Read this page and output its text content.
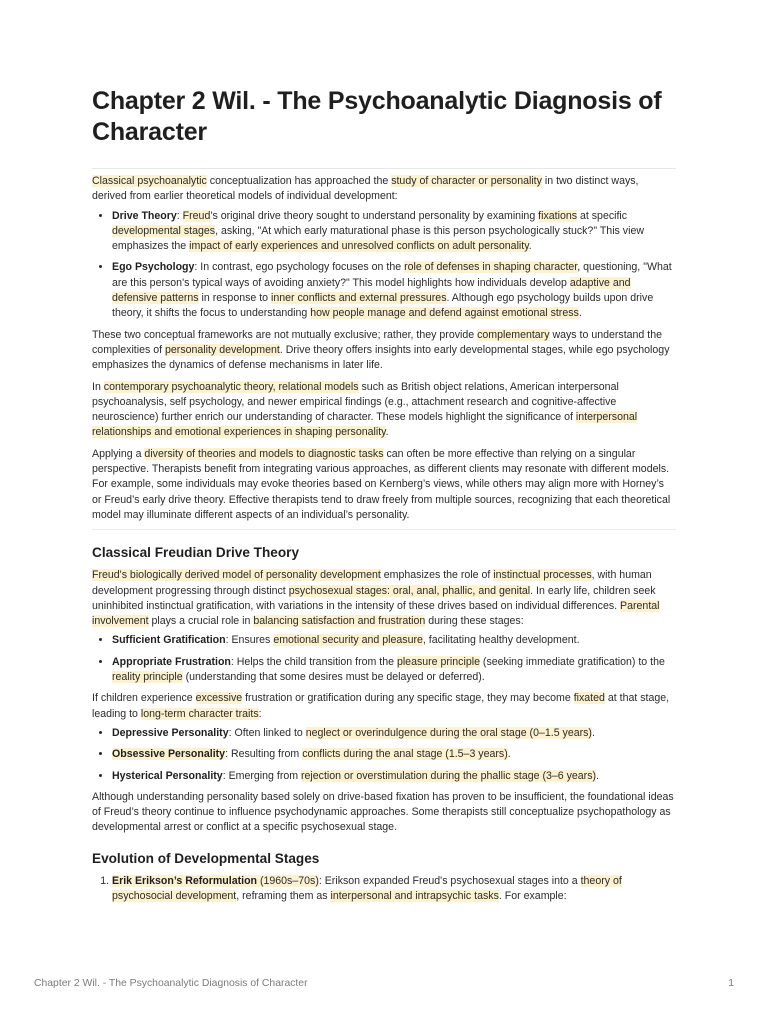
Chapter 2 Wil. - The Psychoanalytic Diagnosis of Character

Classical psychoanalytic conceptualization has approached the study of character or personality in two distinct ways, derived from earlier theoretical models of individual development:

• Drive Theory: Freud’s original drive theory sought to understand personality by examining fixations at specific developmental stages, asking, "At which early maturational phase is this person psychologically stuck?" This view emphasizes the impact of early experiences and unresolved conflicts on adult personality.
• Ego Psychology: In contrast, ego psychology focuses on the role of defenses in shaping character, questioning, "What are this person's typical ways of avoiding anxiety?" This model highlights how individuals develop adaptive and defensive patterns in response to inner conflicts and external pressures. Although ego psychology builds upon drive theory, it shifts the focus to understanding how people manage and defend against emotional stress.

These two conceptual frameworks are not mutually exclusive; rather, they provide complementary ways to understand the complexities of personality development. Drive theory offers insights into early developmental stages, while ego psychology emphasizes the dynamics of defense mechanisms in later life.

In contemporary psychoanalytic theory, relational models such as British object relations, American interpersonal psychoanalysis, self psychology, and newer empirical findings (e.g., attachment research and cognitive-affective neuroscience) further enrich our understanding of character. These models highlight the significance of interpersonal relationships and emotional experiences in shaping personality.

Applying a diversity of theories and models to diagnostic tasks can often be more effective than relying on a singular perspective. Therapists benefit from integrating various approaches, as different clients may resonate with different models. For example, some individuals may evoke theories based on Kernberg’s views, while others may align more with Horney’s or Freud’s early drive theory. Effective therapists tend to draw freely from multiple sources, recognizing that each theoretical model may illuminate different aspects of an individual’s personality.

Classical Freudian Drive Theory

Freud's biologically derived model of personality development emphasizes the role of instinctual processes, with human development progressing through distinct psychosexual stages: oral, anal, phallic, and genital. In early life, children seek uninhibited instinctual gratification, with variations in the intensity of these drives based on individual differences. Parental involvement plays a crucial role in balancing satisfaction and frustration during these stages:

• Sufficient Gratification: Ensures emotional security and pleasure, facilitating healthy development.
• Appropriate Frustration: Helps the child transition from the pleasure principle (seeking immediate gratification) to the reality principle (understanding that some desires must be delayed or deferred).

If children experience excessive frustration or gratification during any specific stage, they may become fixated at that stage, leading to long-term character traits:

• Depressive Personality: Often linked to neglect or overindulgence during the oral stage (0–1.5 years).
• Obsessive Personality: Resulting from conflicts during the anal stage (1.5–3 years).
• Hysterical Personality: Emerging from rejection or overstimulation during the phallic stage (3–6 years).

Although understanding personality based solely on drive-based fixation has proven to be insufficient, the foundational ideas of Freud’s theory continue to influence psychodynamic approaches. Some therapists still conceptualize psychopathology as developmental arrest or conflict at a specific psychosexual stage.

Evolution of Developmental Stages
1. Erik Erikson’s Reformulation (1960s–70s): Erikson expanded Freud's psychosexual stages into a theory of psychosocial development, reframing them as interpersonal and intrapsychic tasks. For example:
Chapter 2 Wil. - The Psychoanalytic Diagnosis of Character	1
